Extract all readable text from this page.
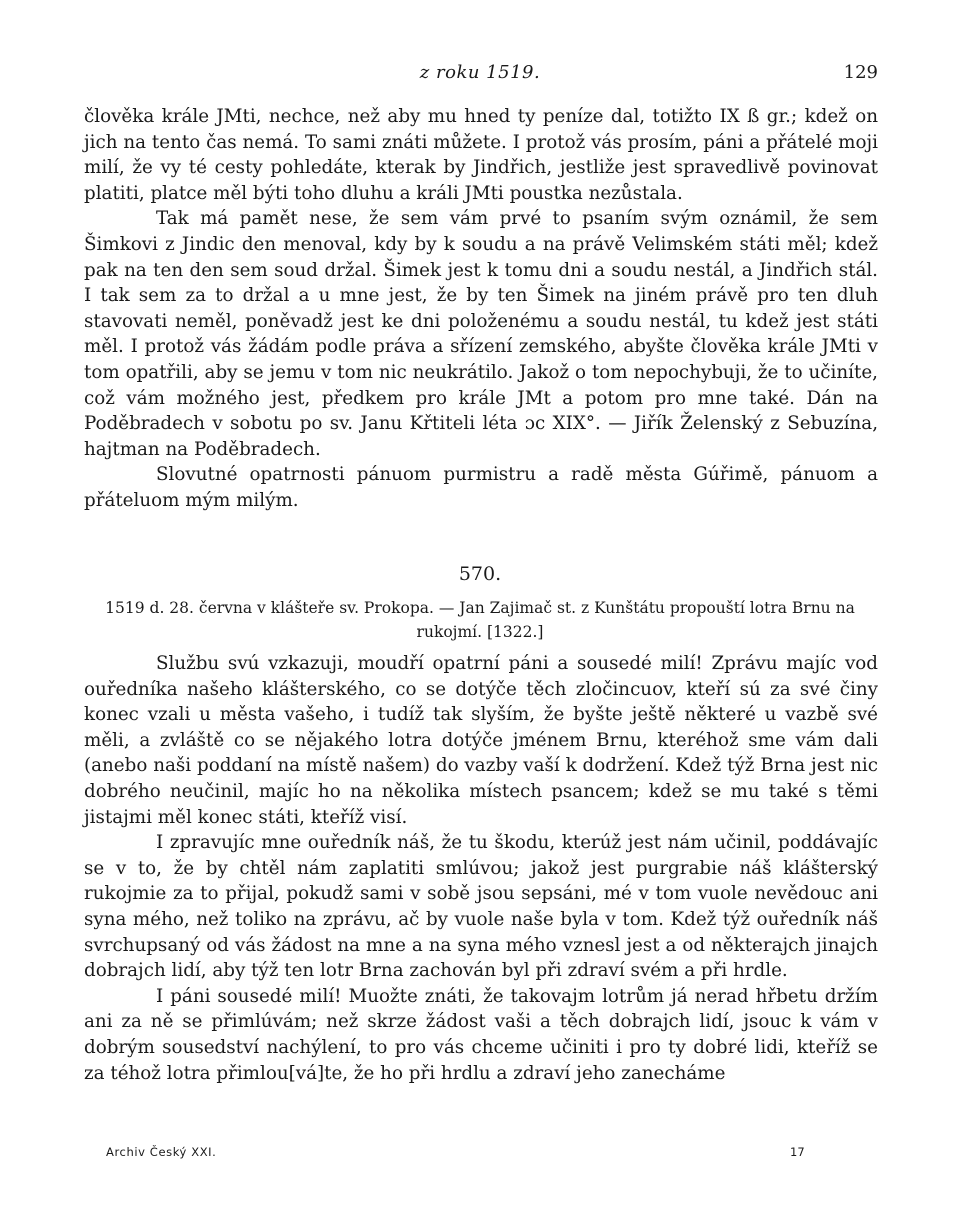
z roku 1519.	129

člověka krále JMti, nechce, než aby mu hned ty peníze dal, totižto IX ß gr.; kdež on jich na tento čas nemá. To sami znáti můžete. I protož vás prosím, páni a přátelé moji milí, že vy té cesty pohledáte, kterak by Jindřich, jestliže jest spravedlivě povinovat platiti, platce měl býti toho dluhu a králi JMti poustka nezůstala.

Tak má pamět nese, že sem vám prvé to psaním svým oznámil, že sem Šimkovi z Jindic den menoval, kdy by k soudu a na právě Velimském státi měl; kdež pak na ten den sem soud držal. Šimek jest k tomu dni a soudu nestál, a Jindřich stál. I tak sem za to držal a u mne jest, že by ten Šimek na jiném právě pro ten dluh stavovati neměl, poněvadž jest ke dni položenému a soudu nestál, tu kdež jest státi měl. I protož vás žádám podle práva a sřízení zemského, abyšte člověka krále JMti v tom opatřili, aby se jemu v tom nic neukrátilo. Jakož o tom nepochybuji, že to učiníte, což vám možného jest, předkem pro krále JMt a potom pro mne také. Dán na Poděbradech v sobotu po sv. Janu Křtiteli léta ɔc XIX°. — Jiřík Želenský z Sebuzína, hajtman na Poděbradech.

Slovutné opatrnosti pánuom purmistru a radě města Gúřimě, pánuom a přáteluom mým milým.

570.
1519 d. 28. června v klášteře sv. Prokopa. — Jan Zajimač st. z Kunštátu propouští lotra Brnu na rukojmí. [1322.]

Službu svú vzkazuji, moudří opatrní páni a sousedé milí! Zprávu majíc vod ouředníka našeho klášterského, co se dotýče těch zločincuov, kteří sú za své činy konec vzali u města vašeho, i tudíž tak slyším, že byšte ještě některé u vazbě své měli, a zvláště co se nějakého lotra dotýče jménem Brnu, kteréhož sme vám dali (anebo naši poddaní na místě našem) do vazby vaší k dodržení. Kdež týž Brna jest nic dobrého neučinil, majíc ho na několika místech psancem; kdež se mu také s těmi jistajmi měl konec státi, kteříž visí.

I zpravujíc mne ouředník náš, že tu škodu, kterúž jest nám učinil, poddávajíc se v to, že by chtěl nám zaplatiti smlúvou; jakož jest purgrabie náš klášterský rukojmie za to přijal, pokudž sami v sobě jsou sepsáni, mé v tom vuole nevědouc ani syna mého, než toliko na zprávu, ač by vuole naše byla v tom. Kdež týž ouředník náš svrchupsaný od vás žádost na mne a na syna mého vznesl jest a od některajch jinajch dobrajch lidí, aby týž ten lotr Brna zachován byl při zdraví svém a při hrdle.

I páni sousedé milí! Muožte znáti, že takovajm lotrům já nerad hřbetu držím ani za ně se přimlúvám; než skrze žádost vaši a těch dobrajch lidí, jsouc k vám v dobrým sousedství nachýlení, to pro vás chceme učiniti i pro ty dobré lidi, kteříž se za téhož lotra přimlou[vá]te, že ho při hrdlu a zdraví jeho zanecháme

Archiv Český XXI.	17
